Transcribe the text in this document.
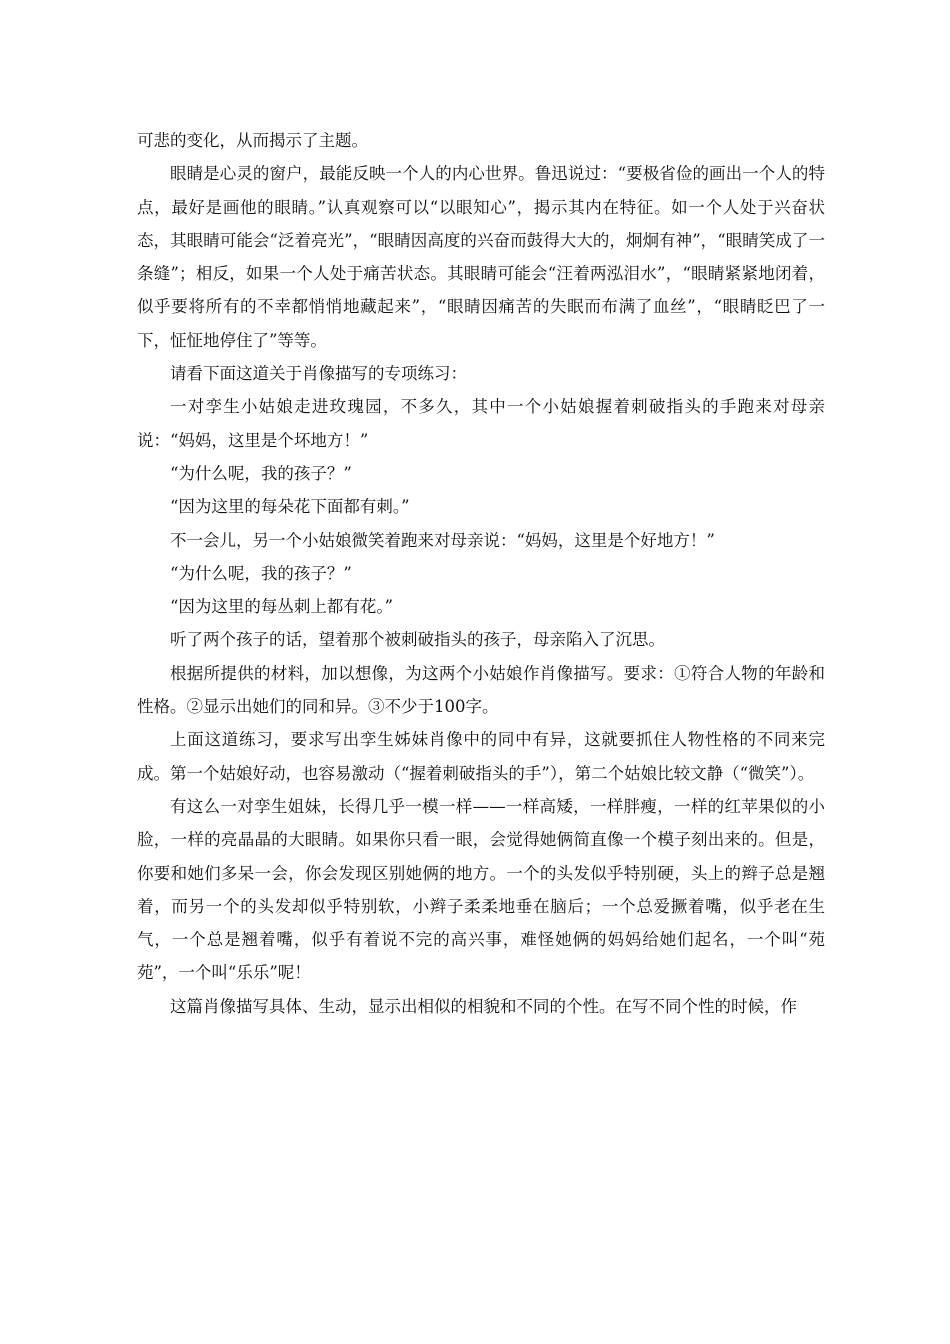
可悲的变化，从而揭示了主题。

眼睛是心灵的窗户，最能反映一个人的内心世界。鲁迅说过：“要极省俭的画出一个人的特点，最好是画他的眼睛。”认真观察可以“以眼知心”，揭示其内在特征。如一个人处于兴奋状态，其眼睛可能会“泛着亮光”，“眼睛因高度的兴奋而鼓得大大的，炯炯有神”，“眼睛笑成了一条缝”；相反，如果一个人处于痛苦状态。其眼睛可能会“汪着两泓泪水”，“眼睛紧紧地闭着，似乎要将所有的不幸都悄悄地藏起来”，“眼睛因痛苦的失眠而布满了血丝”，“眼睛眨巴了一下，怔怔地停住了”等等。

请看下面这道关于肖像描写的专项练习：

一对孪生小姑娘走进玫瑰园，不多久，其中一个小姑娘握着刺破指头的手跑来对母亲说：“妈妈，这里是个坏地方！”

“为什么呢，我的孩子？”

“因为这里的每朵花下面都有刺。”

不一会儿，另一个小姑娘微笑着跑来对母亲说：“妈妈，这里是个好地方！”

“为什么呢，我的孩子？”

“因为这里的每丛刺上都有花。”

听了两个孩子的话，望着那个被刺破指头的孩子，母亲陷入了沉思。

根据所提供的材料，加以想像，为这两个小姑娘作肖像描写。要求：①符合人物的年龄和性格。②显示出她们的同和异。③不少于100字。

上面这道练习，要求写出孪生姊妹肖像中的同中有异，这就要抓住人物性格的不同来完成。第一个姑娘好动，也容易激动（“握着刺破指头的手”），第二个姑娘比较文静（“微笑”）。

有这么一对孪生姐妹，长得几乎一模一样——一样高矮，一样胖瘦，一样的红苹果似的小脸，一样的亮晶晶的大眼睛。如果你只看一眼，会觉得她俩简直像一个模子刻出来的。但是，你要和她们多呆一会，你会发现区别她俩的地方。一个的头发似乎特别硬，头上的辫子总是翘着，而另一个的头发却似乎特别软，小辫子柔柔地垂在脑后；一个总爱撅着嘴，似乎老在生气，一个总是翘着嘴，似乎有着说不完的高兴事，难怪她俩的妈妈给她们起名，一个叫“苑苑”，一个叫“乐乐”呢！

这篇肖像描写具体、生动，显示出相似的相貌和不同的个性。在写不同个性的时候，作
